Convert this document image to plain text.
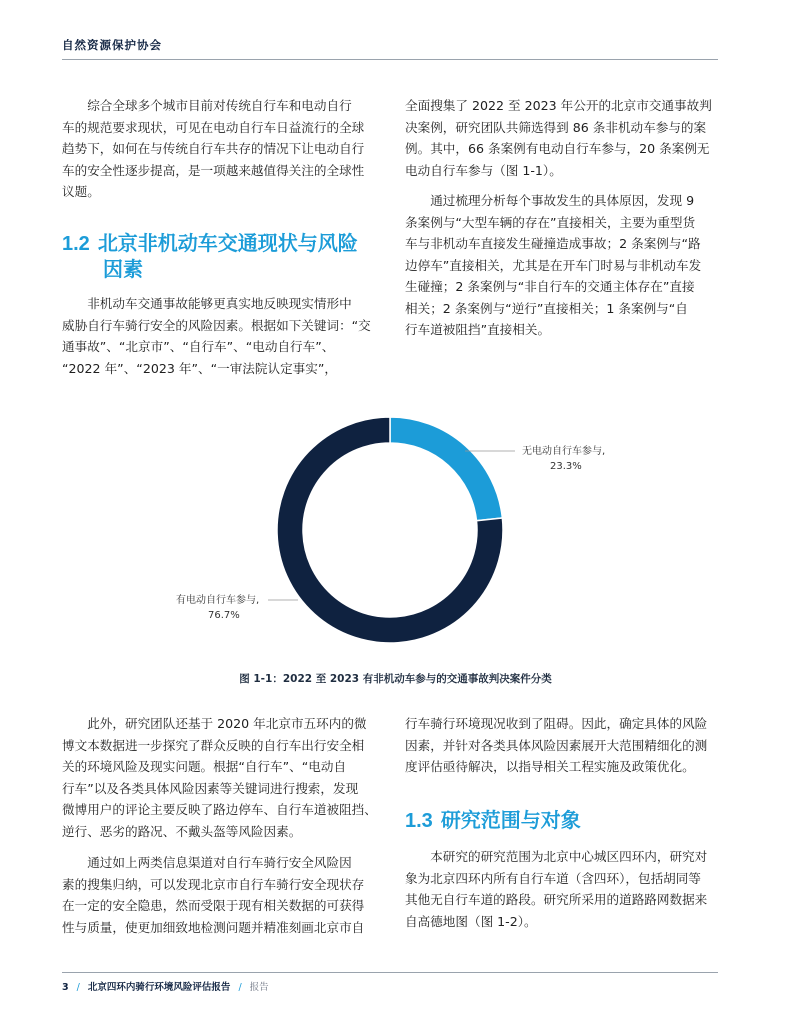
自然资源保护协会
综合全球多个城市目前对传统自行车和电动自行
车的规范要求现状，可见在电动自行车日益流行的全球
趋势下，如何在与传统自行车共存的情况下让电动自行
车的安全性逐步提高，是一项越来越值得关注的全球性
议题。
1.2 北京非机动车交通现状与风险
因素
非机动车交通事故能够更真实地反映现实情形中
威胁自行车骑行安全的风险因素。根据如下关键词：“交
通事故”、“北京市”、“自行车”、“电动自行车”、
“2022 年”、“2023 年”、“一审法院认定事实”，
全面搜集了 2022 至 2023 年公开的北京市交通事故判
决案例，研究团队共筛选得到 86 条非机动车参与的案
例。其中，66 条案例有电动自行车参与，20 条案例无
电动自行车参与（图 1-1）。
通过梳理分析每个事故发生的具体原因，发现 9
条案例与“大型车辆的存在”直接相关，主要为重型货
车与非机动车直接发生碰撞造成事故；2 条案例与“路
边停车”直接相关，尤其是在开车门时易与非机动车发
生碰撞；2 条案例与“非自行车的交通主体存在”直接
相关；2 条案例与“逆行”直接相关；1 条案例与“自
行车道被阻挡”直接相关。
无电动自行车参与,
23.3%
有电动自行车参与,
76.7%
图 1-1：2022 至 2023 有非机动车参与的交通事故判决案件分类
此外，研究团队还基于 2020 年北京市五环内的微
博文本数据进一步探究了群众反映的自行车出行安全相
关的环境风险及现实问题。根据“自行车”、“电动自
行车”以及各类具体风险因素等关键词进行搜索，发现
微博用户的评论主要反映了路边停车、自行车道被阻挡、
逆行、恶劣的路况、不戴头盔等风险因素。
通过如上两类信息渠道对自行车骑行安全风险因
素的搜集归纳，可以发现北京市自行车骑行安全现状存
在一定的安全隐患，然而受限于现有相关数据的可获得
性与质量，使更加细致地检测问题并精准刻画北京市自
行车骑行环境现况收到了阻碍。因此，确定具体的风险
因素，并针对各类具体风险因素展开大范围精细化的测
度评估亟待解决，以指导相关工程实施及政策优化。
1.3 研究范围与对象
本研究的研究范围为北京中心城区四环内，研究对
象为北京四环内所有自行车道（含四环），包括胡同等
其他无自行车道的路段。研究所采用的道路路网数据来
自高德地图（图 1-2）。
3 / 北京四环内骑行环境风险评估报告 / 报告
